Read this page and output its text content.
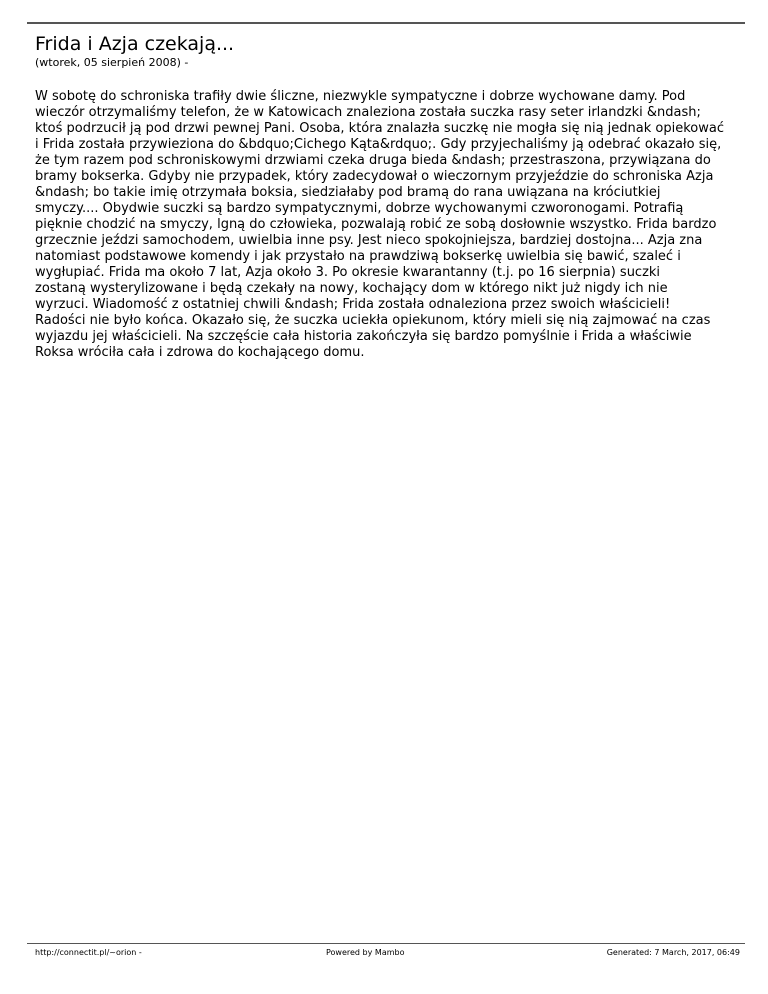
Frida i Azja czekają...
(wtorek, 05 sierpień 2008) -

W sobotę do schroniska trafiły dwie śliczne, niezwykle sympatyczne i dobrze wychowane damy. Pod
wieczór otrzymaliśmy telefon, że w Katowicach znaleziona została suczka rasy seter irlandzki &ndash;
ktoś podrzucił ją pod drzwi pewnej Pani. Osoba, która znalazła suczkę nie mogła się nią jednak opiekować
i Frida została przywieziona do &bdquo;Cichego Kąta&rdquo;. Gdy przyjechaliśmy ją odebrać okazało się,
że tym razem pod schroniskowymi drzwiami czeka druga bieda &ndash; przestraszona, przywiązana do
bramy bokserka. Gdyby nie przypadek, który zadecydował o wieczornym przyjeździe do schroniska Azja
&ndash; bo takie imię otrzymała boksia, siedziałaby pod bramą do rana uwiązana na króciutkiej
smyczy.... Obydwie suczki są bardzo sympatycznymi, dobrze wychowanymi czworonogami. Potrafią
pięknie chodzić na smyczy, lgną do człowieka, pozwalają robić ze sobą dosłownie wszystko. Frida bardzo
grzecznie jeździ samochodem, uwielbia inne psy. Jest nieco spokojniejsza, bardziej dostojna... Azja zna
natomiast podstawowe komendy i jak przystało na prawdziwą bokserkę uwielbia się bawić, szaleć i
wygłupiać. Frida ma około 7 lat, Azja około 3. Po okresie kwarantanny (t.j. po 16 sierpnia) suczki
zostaną wysterylizowane i będą czekały na nowy, kochający dom w którego nikt już nigdy ich nie
wyrzuci. Wiadomość z ostatniej chwili &ndash; Frida została odnaleziona przez swoich właścicieli!
Radości nie było końca. Okazało się, że suczka uciekła opiekunom, który mieli się nią zajmować na czas
wyjazdu jej właścicieli. Na szczęście cała historia zakończyła się bardzo pomyślnie i Frida a właściwie
Roksa wróciła cała i zdrowa do kochającego domu.

http://connectit.pl/~orion -	Powered by Mambo	Generated: 7 March, 2017, 06:49
